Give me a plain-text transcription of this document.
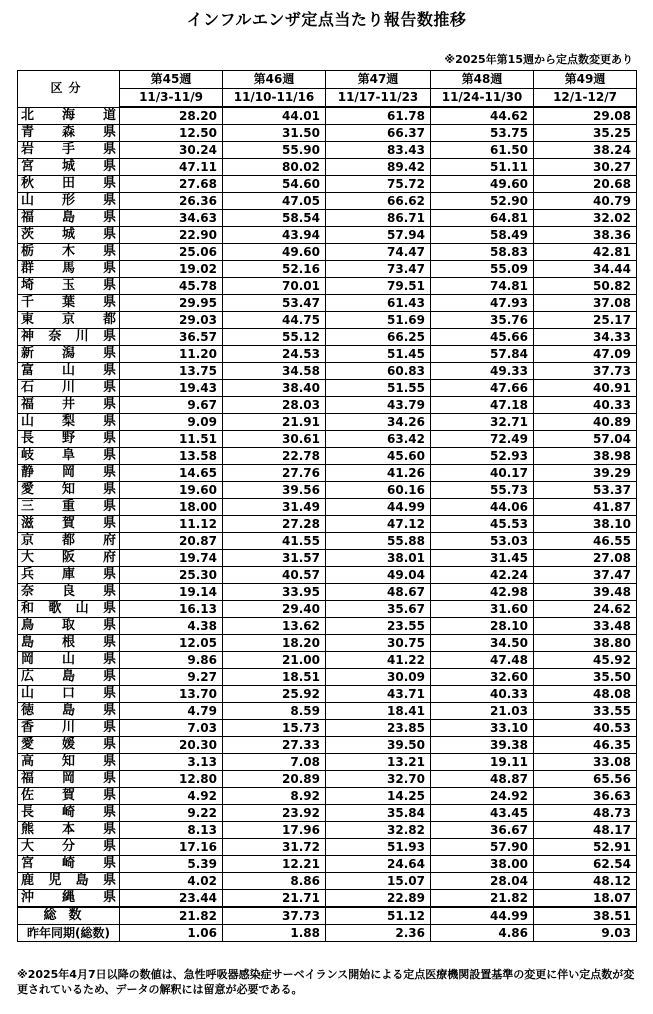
インフルエンザ定点当たり報告数推移
※2025年第15週から定点数変更あり
区分	第45週	第46週	第47週	第48週	第49週
	11/3-11/9	11/10-11/16	11/17-11/23	11/24-11/30	12/1-12/7
北海道	28.20	44.01	61.78	44.62	29.08
青森県	12.50	31.50	66.37	53.75	35.25
岩手県	30.24	55.90	83.43	61.50	38.24
宮城県	47.11	80.02	89.42	51.11	30.27
秋田県	27.68	54.60	75.72	49.60	20.68
山形県	26.36	47.05	66.62	52.90	40.79
福島県	34.63	58.54	86.71	64.81	32.02
茨城県	22.90	43.94	57.94	58.49	38.36
栃木県	25.06	49.60	74.47	58.83	42.81
群馬県	19.02	52.16	73.47	55.09	34.44
埼玉県	45.78	70.01	79.51	74.81	50.82
千葉県	29.95	53.47	61.43	47.93	37.08
東京都	29.03	44.75	51.69	35.76	25.17
神奈川県	36.57	55.12	66.25	45.66	34.33
新潟県	11.20	24.53	51.45	57.84	47.09
富山県	13.75	34.58	60.83	49.33	37.73
石川県	19.43	38.40	51.55	47.66	40.91
福井県	9.67	28.03	43.79	47.18	40.33
山梨県	9.09	21.91	34.26	32.71	40.89
長野県	11.51	30.61	63.42	72.49	57.04
岐阜県	13.58	22.78	45.60	52.93	38.98
静岡県	14.65	27.76	41.26	40.17	39.29
愛知県	19.60	39.56	60.16	55.73	53.37
三重県	18.00	31.49	44.99	44.06	41.87
滋賀県	11.12	27.28	47.12	45.53	38.10
京都府	20.87	41.55	55.88	53.03	46.55
大阪府	19.74	31.57	38.01	31.45	27.08
兵庫県	25.30	40.57	49.04	42.24	37.47
奈良県	19.14	33.95	48.67	42.98	39.48
和歌山県	16.13	29.40	35.67	31.60	24.62
鳥取県	4.38	13.62	23.55	28.10	33.48
島根県	12.05	18.20	30.75	34.50	38.80
岡山県	9.86	21.00	41.22	47.48	45.92
広島県	9.27	18.51	30.09	32.60	35.50
山口県	13.70	25.92	43.71	40.33	48.08
徳島県	4.79	8.59	18.41	21.03	33.55
香川県	7.03	15.73	23.85	33.10	40.53
愛媛県	20.30	27.33	39.50	39.38	46.35
高知県	3.13	7.08	13.21	19.11	33.08
福岡県	12.80	20.89	32.70	48.87	65.56
佐賀県	4.92	8.92	14.25	24.92	36.63
長崎県	9.22	23.92	35.84	43.45	48.73
熊本県	8.13	17.96	32.82	36.67	48.17
大分県	17.16	31.72	51.93	57.90	52.91
宮崎県	5.39	12.21	24.64	38.00	62.54
鹿児島県	4.02	8.86	15.07	28.04	48.12
沖縄県	23.44	21.71	22.89	21.82	18.07
総数	21.82	37.73	51.12	44.99	38.51
昨年同期(総数)	1.06	1.88	2.36	4.86	9.03
※2025年4月7日以降の数値は、急性呼吸器感染症サーベイランス開始による定点医療機関設置基準の変更に伴い定点数が変更されているため、データの解釈には留意が必要である。
